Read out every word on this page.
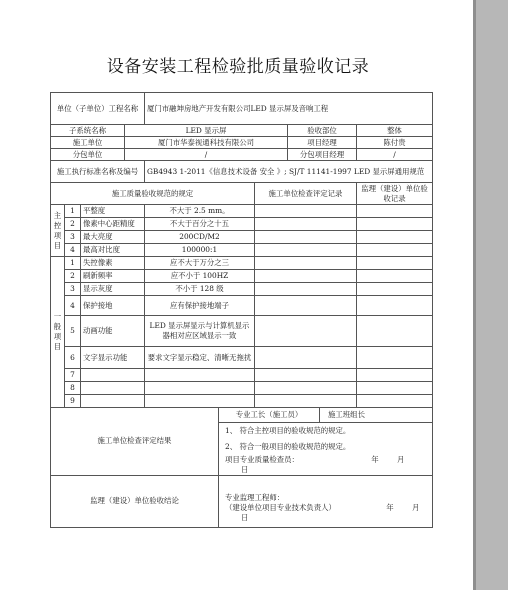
设备安装工程检验批质量验收记录
单位（子单位）工程名称				厦门市融坤房地产开发有限公司LED 显示屏及音响工程					
子系统名称			LED 显示屏				验收部位		整体
施工单位			厦门市华泰视通科技有限公司				项目经理		陈付贵
分包单位			/				分包项目经理		/
施工执行标准名称及编号				GB4943 1-2011《信息技术设备 安全 》; SJ/T 11141-1997 LED 显示屏通用规范					
施工质量验收规范的规定						施工单位检查评定记录			监理（建设）单位验收记录
主
控
项
目	1	平整度		不大于 2.5 mm。					
	2	像素中心距精度		不大于百分之十五					
	3	最大亮度		200CD/M2					
	4	最高对比度		100000:1					
一
般
项
目	1	失控像素		应不大于万分之三					
	2	刷新频率		应不小于 100HZ					
	3	显示灰度		不小于 128 级					
	4	保护接地		应有保护接地端子					
	5	动画功能		LED 显示屏显示与计算机显示器相对应区域显示一致					
	6	文字显示功能		要求文字显示稳定、清晰无拖扰					
	7								
	8								
	9								
施工单位检查评定结果					专业工长（施工员）			施工班组长	
					1、 符合主控项目的验收规范的规定。				
					2、 符合一般项目的验收规范的规定。				
					项目专业质量检查员： 年 月 日				
监理（建设）单位验收结论					专业监理工程师：
（建设单位项目专业技术负责人） 年 月 日				
